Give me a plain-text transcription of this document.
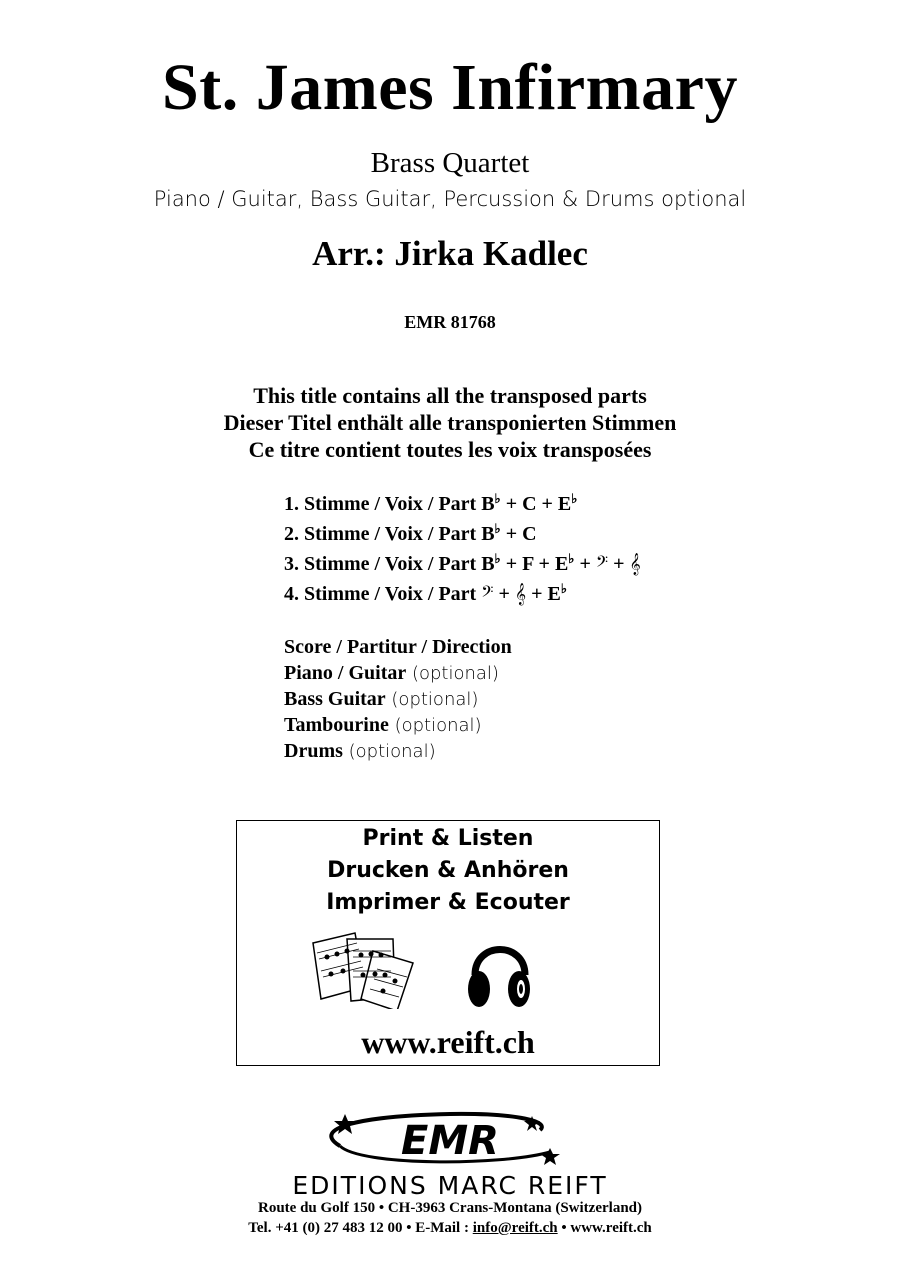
St. James Infirmary
Brass Quartet
Piano / Guitar, Bass Guitar, Percussion & Drums optional
Arr.: Jirka Kadlec
EMR 81768
This title contains all the transposed parts
Dieser Titel enthält alle transponierten Stimmen
Ce titre contient toutes les voix transposées
1. Stimme / Voix / Part B♭ + C + E♭
2. Stimme / Voix / Part B♭ + C
3. Stimme / Voix / Part B♭ + F + E♭ + 𝄢 + 𝄞
4. Stimme / Voix / Part 𝄢 + 𝄞 + E♭
Score / Partitur / Direction
Piano / Guitar (optional)
Bass Guitar (optional)
Tambourine (optional)
Drums (optional)
Print & Listen
Drucken & Anhören
Imprimer & Ecouter
www.reift.ch
EMR
EDITIONS MARC REIFT
Route du Golf 150 • CH-3963 Crans-Montana (Switzerland)
Tel. +41 (0) 27 483 12 00 • E-Mail : info@reift.ch • www.reift.ch
